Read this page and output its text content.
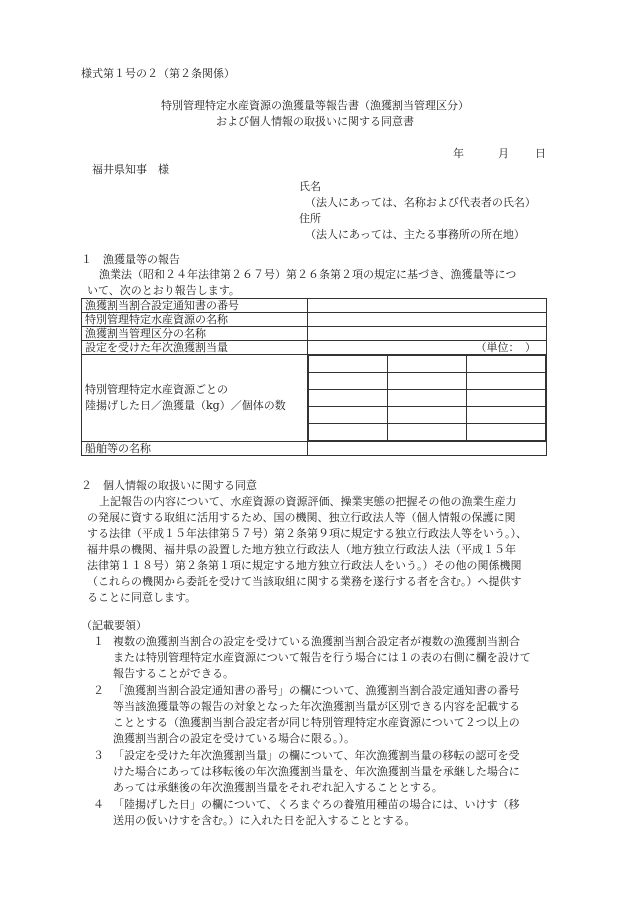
様式第１号の２（第２条関係）
特別管理特定水産資源の漁獲量等報告書（漁獲割当管理区分）
および個人情報の取扱いに関する同意書
年	月 日
福井県知事　様
氏名
（法人にあっては、名称および代表者の氏名）
住所
（法人にあっては、主たる事務所の所在地）
１　漁獲量等の報告
漁業法（昭和２４年法律第２６７号）第２６条第２項の規定に基づき、漁獲量等につ
いて、次のとおり報告します。
漁獲割当割合設定通知書の番号	
特別管理特定水産資源の名称	
漁獲割当管理区分の名称	
設定を受けた年次漁獲割当量	（単位：　）

特別管理特定水産資源ごとの
陸揚げした日／漁獲量（kg）／個体の数

船舶等の名称	
２　個人情報の取扱いに関する同意
上記報告の内容について、水産資源の資源評価、操業実態の把握その他の漁業生産力
の発展に資する取組に活用するため、国の機関、独立行政法人等（個人情報の保護に関
する法律（平成１５年法律第５７号）第２条第９項に規定する独立行政法人等をいう。）、
福井県の機関、福井県の設置した地方独立行政法人（地方独立行政法人法（平成１５年
法律第１１８号）第２条第１項に規定する地方独立行政法人をいう。）その他の関係機関
（これらの機関から委託を受けて当該取組に関する業務を遂行する者を含む。）へ提供す
ることに同意します。
（記載要領）
１ 複数の漁獲割当割合の設定を受けている漁獲割当割合設定者が複数の漁獲割当割合
または特別管理特定水産資源について報告を行う場合には１の表の右側に欄を設けて
報告することができる。
２ 「漁獲割当割合設定通知書の番号」の欄について、漁獲割当割合設定通知書の番号
等当該漁獲量等の報告の対象となった年次漁獲割当量が区別できる内容を記載する
こととする（漁獲割当割合設定者が同じ特別管理特定水産資源について２つ以上の
漁獲割当割合の設定を受けている場合に限る。）。
３ 「設定を受けた年次漁獲割当量」の欄について、年次漁獲割当量の移転の認可を受
けた場合にあっては移転後の年次漁獲割当量を、年次漁獲割当量を承継した場合に
あっては承継後の年次漁獲割当量をそれぞれ記入することとする。
４ 「陸揚げした日」の欄について、くろまぐろの養殖用種苗の場合には、いけす（移
送用の仮いけすを含む。）に入れた日を記入することとする。
